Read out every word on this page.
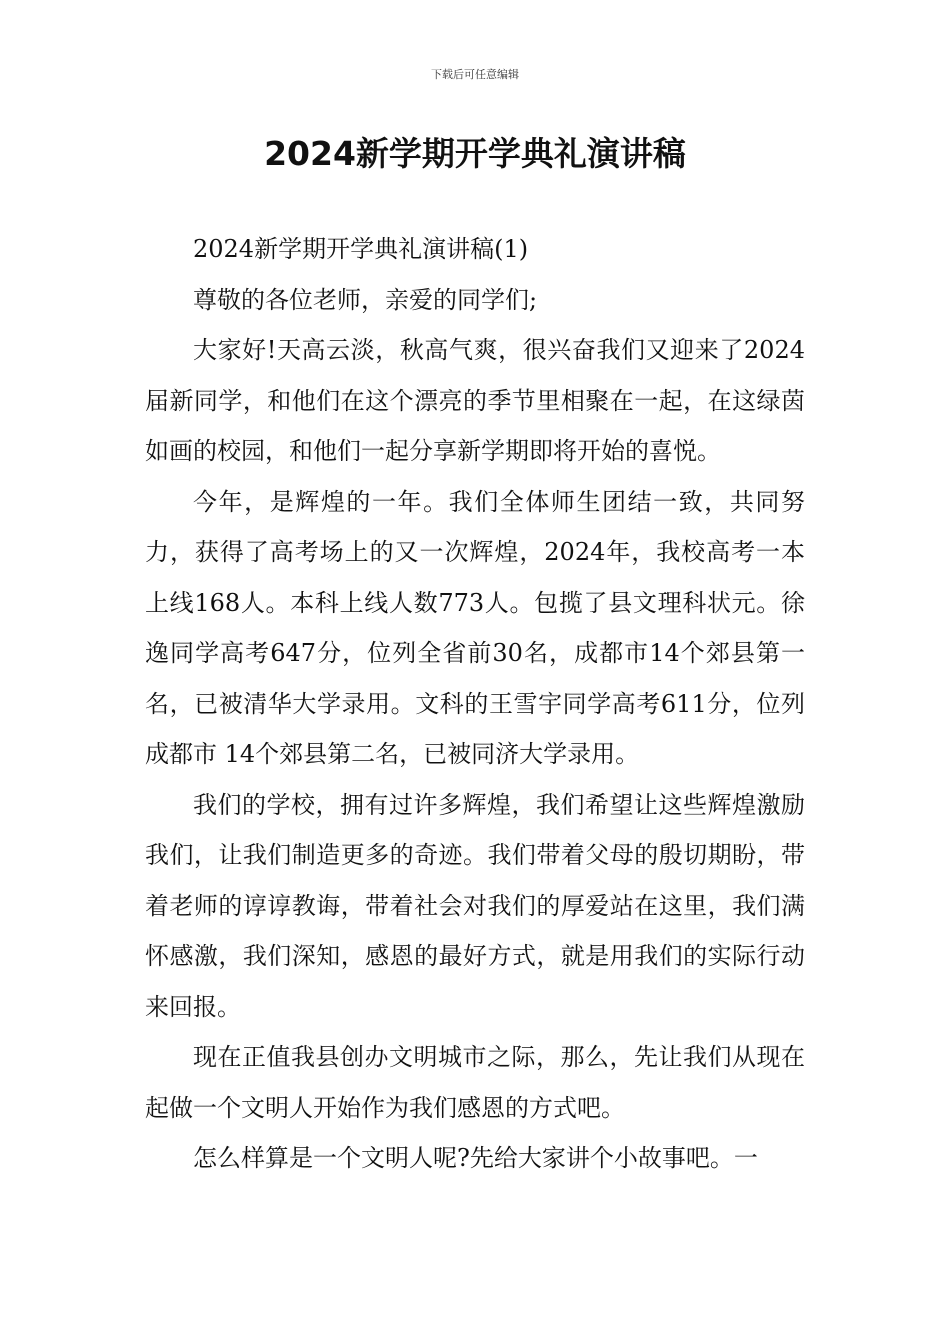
下载后可任意编辑
2024新学期开学典礼演讲稿

2024新学期开学典礼演讲稿(1)

尊敬的各位老师，亲爱的同学们;

大家好!天高云淡，秋高气爽，很兴奋我们又迎来了2024届新同学，和他们在这个漂亮的季节里相聚在一起，在这绿茵如画的校园，和他们一起分享新学期即将开始的喜悦。

今年，是辉煌的一年。我们全体师生团结一致，共同努力，获得了高考场上的又一次辉煌，2024年，我校高考一本上线168人。本科上线人数773人。包揽了县文理科状元。徐逸同学高考647分，位列全省前30名，成都市14个郊县第一名，已被清华大学录用。文科的王雪宇同学高考611分，位列成都市 14个郊县第二名，已被同济大学录用。

我们的学校，拥有过许多辉煌，我们希望让这些辉煌激励我们，让我们制造更多的奇迹。我们带着父母的殷切期盼，带着老师的谆谆教诲，带着社会对我们的厚爱站在这里，我们满怀感激，我们深知，感恩的最好方式，就是用我们的实际行动来回报。

现在正值我县创办文明城市之际，那么，先让我们从现在起做一个文明人开始作为我们感恩的方式吧。

怎么样算是一个文明人呢?先给大家讲个小故事吧。一
